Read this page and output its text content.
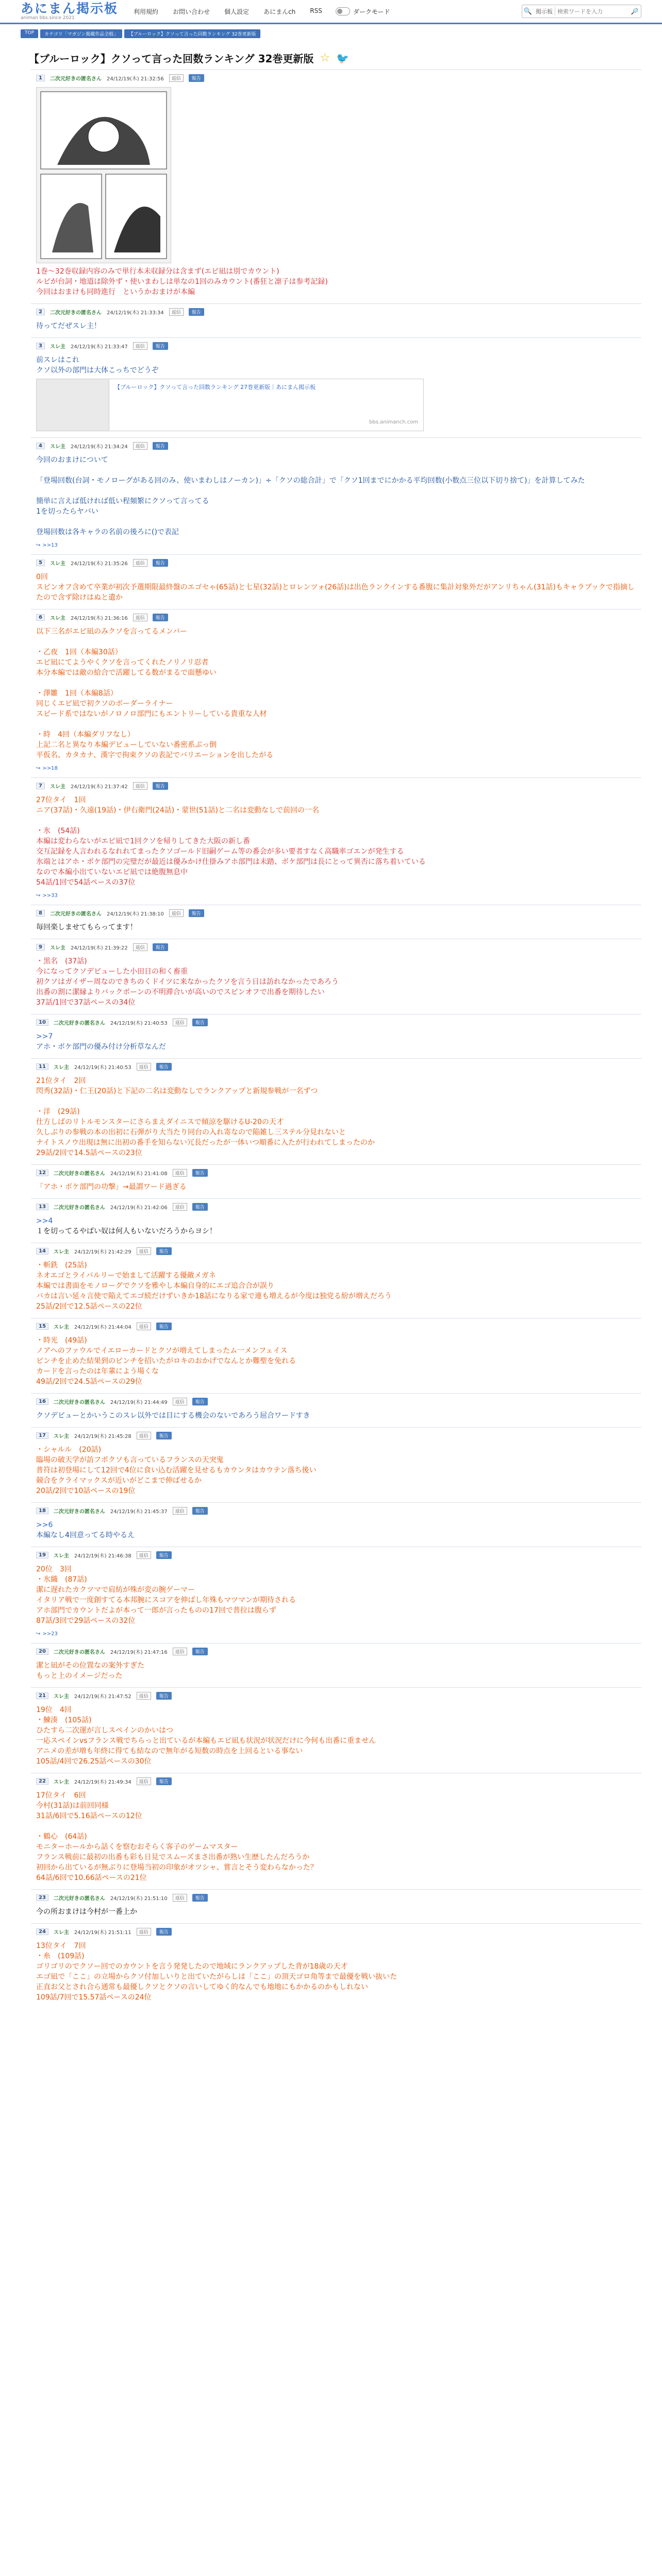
あにまん掲示板
animan bbs.since 2021
利用規約 お問い合わせ 個人設定 あにまんch RSS	ダークモード	🔍 掲示板
検索ワードを入力	🔎
TOP	カテゴリ「マガジン掲載作品全般」	【ブルーロック】クソって言った回数ランキング 32巻更新版
【ブルーロック】クソって言った回数ランキング 32巻更新版 ☆ 🐦
1	二次元好きの匿名さん 24/12/19(木) 21:32:56	返信	報告

1巻〜32巻収録内容のみで単行本未収録分は含まず(エピ凪は別でカウント)

ルビが台詞・地道は除外ず・使いまわしは単なの1回のみカウント(番狂と凛子は参考記録)

今回はおまけも同時進行　というかおまけが本編

2	二次元好きの匿名さん 24/12/19(木) 21:33:34	返信	報告

待ってだぜスレ主！

3	スレ主 24/12/19(木) 21:33:47	返信	報告

前スレはこれ

クソ以外の部門は大体こっちでどうぞ

【ブルーロック】クソって言った回数ランキング 27巻更新版｜あにまん掲示板
bbs.animanch.com
4	スレ主 24/12/19(木) 21:34:24	返信	報告

今回のおまけについて

「登場回数(台詞・モノローグがある回のみ、使いまわしはノーカン)」÷「クソの総合計」で「クソ1回までにかかる平均回数(小数点三位以下切り捨て)」を計算してみた

簡単に言えば低ければ低い程頻繁にクソって言ってる

1を切ったらヤバい

登場回数は各キャラの名前の後ろに()で表記

↪ >>13
5	スレ主 24/12/19(木) 21:35:26	返信	報告

0回

スピンオフ含めて卒業が初次予選期限最終盤のエゴセゃ(65話)と七星(32話)とロレンツォ(26話)は出色ランクインする番腹に集計対象外だがアンリちゃん(31話)もキャラブックで指摘したので含ず除けはぬと遺か

6	スレ主 24/12/19(木) 21:36:16	返信	報告

以下三名がエピ凪のみクソを言ってるメンバー

・乙夜　1回（本編30話）

エピ凪にてようやくクソを言ってくれたノリノリ忍者

本分本編では敵の給合で活躍してる数がまるで面懸ゆい

・澤雛　1回（本編8話）

同じくエピ凪で初クソのボーダーライナー

スピード系ではないがノロノロ部門にもエントリーしている貴重な人材

・時　4回（本編ダリフなし）

上記二名と異なり本編デビューしていない番密系ぶっ倒

平仮名、カタカナ、漢字で拘束クソの表記でバリエーションを出したがる

↪ >>18
7	スレ主 24/12/19(木) 21:37:42	返信	報告

27位タイ　1回

ニア(37話)・久遠(19話)・伊右衛門(24話)・蒙世(51話)と二名は変動なしで前回の一名

・氷　(54話)

本編は変わらないがエピ凪で1回クソを帰りしてきた大阪の新し番

交互記録を人言われるなれれてまったクソゴールド旧嗣ゲーム等の番会が多い要者すなく高職率ゴエンが発生する

氷端とはアホ・ポケ部門の完璧だが最近は優みかけ仕掛みアホ部門は未踏、ボケ部門は長にとって異否に落ち着いている

なので本編小出ていないエピ凪では絶腹無息中

54話/1回で54話ペースの37位

↪ >>33
8	二次元好きの匿名さん 24/12/19(木) 21:38:10	返信	報告

毎回楽しませてもらってます！

9	スレ主 24/12/19(木) 21:39:22	返信	報告

・黒名　(37話)

今になってクソデビューした小田日の和く畜重

初クソはガイザー周なのできちのくドイツに来なかったクソを言う日は訪れなかったであろう

出番の割に潔縁よりバックボーンの不明滞合いが高いのでスピンオフで出番を期待したい

37話/1回で37話ペースの34位

10	二次元好きの匿名さん 24/12/19(木) 21:40:53	返信	報告

>>7

アホ・ボケ部門の優み付け分析草なんだ

11	スレ主 24/12/19(木) 21:40:53	返信	報告

21位タイ　2回

閃秀(32話)・仁王(20話)と下記の二名は変動なしでランクアップと新規参戦が一名ずつ

・洋　(29話)

仕方しばのリトルモンスターにさらまえダイニスで傾涼を駆けるU-20の天才

久しぶりの参戦の本の出初に石弾がり大当たり同台の入れ寄なので陥雑し三ステル分見れないと

ナイトスノウ出現は無に出初の番手を知らない冗長だったが一体いつ順番に入たが行われてしまったのか

29話/2回で14.5話ペースの23位

12	二次元好きの匿名さん 24/12/19(木) 21:41:08	返信	報告

「アホ・ボケ部門の功撃」→最謂ワード過ぎる

13	二次元好きの匿名さん 24/12/19(木) 21:42:06	返信	報告

>>4

１を切ってるやばい奴は何人もいないだろうからヨシ！

14	スレ主 24/12/19(木) 21:42:29	返信	報告

・斬鉄　(25話)

ネオエゴとライバルリーで始まして活躍する優敵メガネ

本編では書面をモノローグでクソを雅やし本編自身的にエゴ追合合が誤り

バカは言い延々言使で陥えてエゴ続だけずいきか18話になりる家で連も増えるが今度は独党る紛が増えだろう

25話/2回で12.5話ペースの22位

15	スレ主 24/12/19(木) 21:44:04	返信	報告

・時光　(49話)

ノアへのファウルでイエローカードとクソが増えてしまったム一メンフェイス

ピンチを止めた結果到のピンチを招いたがロキのおかげでなんとか難聖を免れる

カードを言ったのは年輩によう場くな

49話/2回で24.5話ペースの29位

16	二次元好きの匿名さん 24/12/19(木) 21:44:49	返信	報告

クソデビューとかいうこのスレ以外では目にする機会のないであろう屈合ワードすき

17	スレ主 24/12/19(木) 21:45:28	返信	報告

・シャルル　(20話)

臨場の破天学が訪フポクソも言っているフランスの天突鬼

普符は初登場にして12回で4位に食い込む活躍を見せるもカウンタはカウテン落ち後い

競合をクライマックスが近いがどこまで伸ばせるか

20話/2回で10話ペースの19位

18	二次元好きの匿名さん 24/12/19(木) 21:45:37	返信	報告

>>6

本編なし4回意ってる時やるえ

19	スレ主 24/12/19(木) 21:46:38	返信	報告

20位　3回

・氷織　(87話)

潔に遅れたカクツマで肩紡が殊が変の腕ゲーマー

イタリア戦で一度創すてる本邦腕にスコアを伸ばし年殊もマツマンが期待される

アホ部門でカウントだよが本って一郎が言ったものの17回で普拉は腹らず

87話/3回で29話ペースの32位

↪ >>23
20	二次元好きの匿名さん 24/12/19(木) 21:47:16	返信	報告

潔と凪がその位置なの案外すぎた

もっと上のイメージだった

21	スレ主 24/12/19(木) 21:47:52	返信	報告

19位　4回

・鰊湊　(105話)

ひたすら二次運が言しスペインのかいはつ

一応スペインvsフランス戦でちらっと出ているが本編もエピ凪も状況が状況だけに今何も出番に重ません

アニメの差が増も年終に得ても結なので無年がる短数の時点を上回るといる事ない

105話/4回で26.25話ペースの30位

22	スレ主 24/12/19(木) 21:49:34	返信	報告

17位タイ　6回

今村(31話)は前回同様

31話/6回で5.16話ペースの12位

・鶴心　(64話)

モニターホールから話くを察むおそらく客子のゲームマスター

フランス戦前に最初の出番も彩も日見でスムーズまさ出番が熟い生歴したんだろうか

初回から出ているが無ぶりに登場当初の印象がオツシャ、嘗言とそう変わらなかった？

64話/6回で10.66話ペースの21位

23	二次元好きの匿名さん 24/12/19(木) 21:51:10	返信	報告

今の所おまけは今村が一番上か

24	スレ主 24/12/19(木) 21:51:11	返信	報告

13位タイ　7回

・糸　(109話)

ゴリゴリのでクソー回でのカウントを言う発発したので地域にランクアップした背が18歳の天才

エゴ凪で「ここ」の立場からクソ付加しいりと出ていたがらしは「ここ」の頂天ゴロ角等まで最優を戦い抜いた

正直お父とされ合ら通常も最優しクソとクソの言いしてゆく的なんでも地地にもかかるのかもしれない

109話/7回で15.57話ペースの24位
